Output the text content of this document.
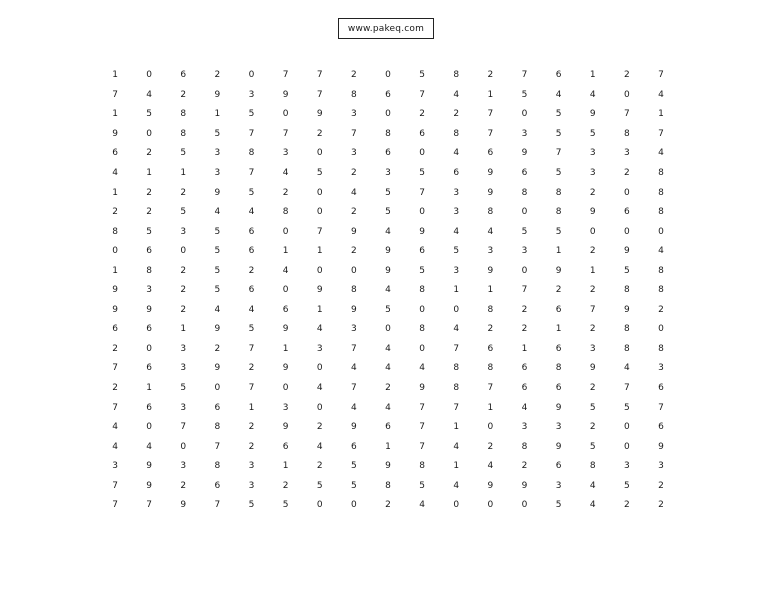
www.pakeq.com
1	0	6	2	0	7	7	2	0	5	8	2	7	6	1	2	7
7	4	2	9	3	9	7	8	6	7	4	1	5	4	4	0	4
1	5	8	1	5	0	9	3	0	2	2	7	0	5	9	7	1
9	0	8	5	7	7	2	7	8	6	8	7	3	5	5	8	7
6	2	5	3	8	3	0	3	6	0	4	6	9	7	3	3	4
4	1	1	3	7	4	5	2	3	5	6	9	6	5	3	2	8
1	2	2	9	5	2	0	4	5	7	3	9	8	8	2	0	8
2	2	5	4	4	8	0	2	5	0	3	8	0	8	9	6	8
8	5	3	5	6	0	7	9	4	9	4	4	5	5	0	0	0
0	6	0	5	6	1	1	2	9	6	5	3	3	1	2	9	4
1	8	2	5	2	4	0	0	9	5	3	9	0	9	1	5	8
9	3	2	5	6	0	9	8	4	8	1	1	7	2	2	8	8
9	9	2	4	4	6	1	9	5	0	0	8	2	6	7	9	2
6	6	1	9	5	9	4	3	0	8	4	2	2	1	2	8	0
2	0	3	2	7	1	3	7	4	0	7	6	1	6	3	8	8
7	6	3	9	2	9	0	4	4	4	8	8	6	8	9	4	3
2	1	5	0	7	0	4	7	2	9	8	7	6	6	2	7	6
7	6	3	6	1	3	0	4	4	7	7	1	4	9	5	5	7
4	0	7	8	2	9	2	9	6	7	1	0	3	3	2	0	6
4	4	0	7	2	6	4	6	1	7	4	2	8	9	5	0	9
3	9	3	8	3	1	2	5	9	8	1	4	2	6	8	3	3
7	9	2	6	3	2	5	5	8	5	4	9	9	3	4	5	2
7	7	9	7	5	5	0	0	2	4	0	0	0	5	4	2	2
